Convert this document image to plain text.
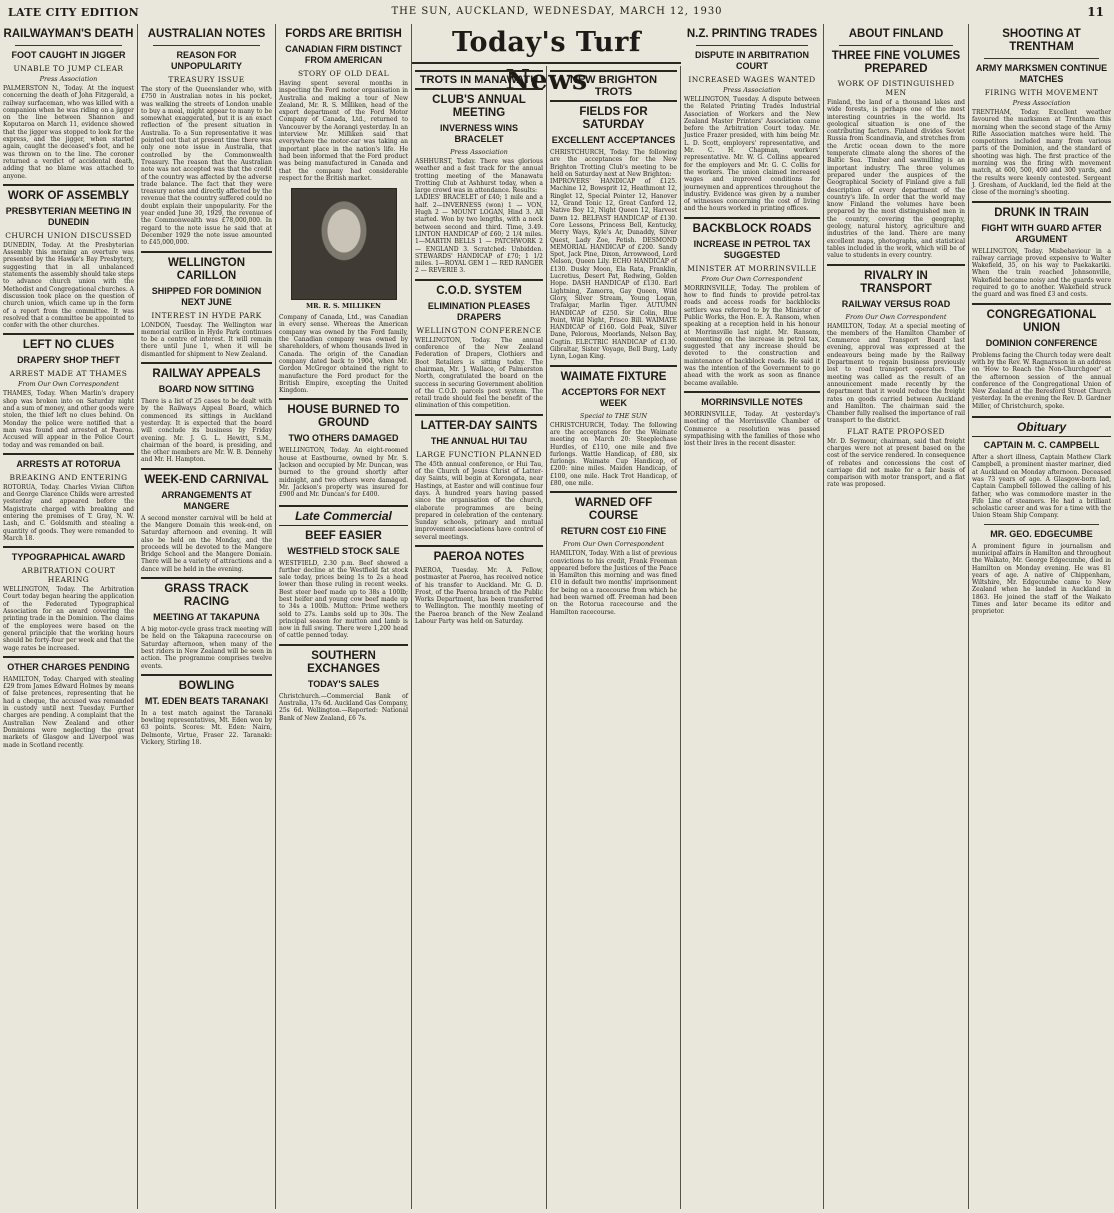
LATE CITY EDITION	THE SUN, AUCKLAND, WEDNESDAY, MARCH 12, 1930	11
RAILWAYMAN'S DEATH
FOOT CAUGHT IN JIGGER
UNABLE TO JUMP CLEAR
Press Association

PALMERSTON N., Today. At the inquest concerning the death of John Fitzgerald, a railway surfaceman, who was killed with a companion when he was riding on a jigger on the line between Shannon and Koputaroa on March 11, evidence showed that the jigger was stopped to look for the express, and the jigger, when started again, caught the deceased's foot, and he was thrown on to the line. The coroner returned a verdict of accidental death, adding that no blame was attached to anyone.

WORK OF ASSEMBLY
PRESBYTERIAN MEETING IN DUNEDIN
CHURCH UNION DISCUSSED

DUNEDIN, Today. At the Presbyterian Assembly this morning an overture was presented by the Hawke's Bay Presbytery, suggesting that in all unbalanced statements the assembly should take steps to advance church union with the Methodist and Congregational churches. A discussion took place on the question of church union, which came up in the form of a report from the committee. It was resolved that a committee be appointed to confer with the other churches.

LEFT NO CLUES
DRAPERY SHOP THEFT
ARREST MADE AT THAMES
From Our Own Correspondent

THAMES, Today. When Marlin's drapery shop was broken into on Saturday night and a sum of money, and other goods were stolen, the thief left no clues behind. On Monday the police were notified that a man was found and arrested at Paeroa. Accused will appear in the Police Court today and was remanded on bail.

ARRESTS AT ROTORUA
BREAKING AND ENTERING

ROTORUA, Today. Charles Vivian Clifton and George Clarence Childs were arrested yesterday and appeared before the Magistrate charged with breaking and entering the premises of T. Gray, N. W. Lash, and C. Goldsmith and stealing a quantity of goods. They were remanded to March 18.

TYPOGRAPHICAL AWARD
ARBITRATION COURT HEARING

WELLINGTON, Today. The Arbitration Court today began hearing the application of the Federated Typographical Association for an award covering the printing trade in the Dominion. The claims of the employees were based on the general principle that the working hours should be forty-four per week and that the wage rates be increased.

OTHER CHARGES PENDING

HAMILTON, Today. Charged with stealing £29 from James Edward Holmes by means of false pretences, representing that he had a cheque, the accused was remanded in custody until next Tuesday. Further charges are pending. A complaint that the Australian New Zealand and other Dominions were neglecting the great markets of Glasgow and Liverpool was made in Scotland recently.

AUSTRALIAN NOTES
REASON FOR UNPOPULARITY
TREASURY ISSUE

The story of the Queenslander who, with £750 in Australian notes in his pocket, was walking the streets of London unable to buy a meal, might appear to many to be somewhat exaggerated, but it is an exact reflection of the present situation in Australia. To a Sun representative it was pointed out that at present time there was only one note issue in Australia, that controlled by the Commonwealth Treasury. The reason that the Australian note was not accepted was that the credit of the country was affected by the adverse trade balance. The fact that they were treasury notes and directly affected by the revenue that the country suffered could no doubt explain their unpopularity. For the year ended June 30, 1929, the revenue of the Commonwealth was £78,000,000. In regard to the note issue he said that at December 1929 the note issue amounted to £45,000,000.

WELLINGTON CARILLON
SHIPPED FOR DOMINION NEXT JUNE
INTEREST IN HYDE PARK

LONDON, Tuesday. The Wellington war memorial carillon in Hyde Park continues to be a centre of interest. It will remain there until June 1, when it will be dismantled for shipment to New Zealand.

RAILWAY APPEALS
BOARD NOW SITTING

There is a list of 25 cases to be dealt with by the Railways Appeal Board, which commenced its sittings in Auckland yesterday. It is expected that the board will conclude its business by Friday evening. Mr. J. G. L. Hewitt, S.M., chairman of the board, is presiding, and the other members are Mr. W. B. Dennehy and Mr. H. Hampton.

WEEK-END CARNIVAL
ARRANGEMENTS AT MANGERE

A second monster carnival will be held at the Mangere Domain this week-end, on Saturday afternoon and evening. It will also be held on the Monday, and the proceeds will be devoted to the Mangere Bridge School and the Mangere Domain. There will be a variety of attractions and a dance will be held in the evening.

GRASS TRACK RACING
MEETING AT TAKAPUNA

A big motor-cycle grass track meeting will be held on the Takapuna racecourse on Saturday afternoon, when many of the best riders in New Zealand will be seen in action. The programme comprises twelve events.

BOWLING
MT. EDEN BEATS TARANAKI

In a test match against the Taranaki bowling representatives, Mt. Eden won by 63 points. Scores: Mt. Eden: Nairn, Delmonte, Virtue, Fraser 22. Taranaki: Vickery, Stirling 18.

FORDS ARE BRITISH
CANADIAN FIRM DISTINCT FROM AMERICAN
STORY OF OLD DEAL

Having spent several months in inspecting the Ford motor organisation in Australia and making a tour of New Zealand, Mr. R. S. Milliken, head of the export department of the Ford Motor Company of Canada, Ltd., returned to Vancouver by the Aorangi yesterday. In an interview Mr. Milliken said that everywhere the motor-car was taking an important place in the nation's life. He had been informed that the Ford product was being manufactured in Canada and that the company had considerable respect for the British market.

MR. R. S. MILLIKEN

Company of Canada, Ltd., was Canadian in every sense. Whereas the American company was owned by the Ford family, the Canadian company was owned by shareholders, of whom thousands lived in Canada. The origin of the Canadian company dated back to 1904, when Mr. Gordon McGregor obtained the right to manufacture the Ford product for the British Empire, excepting the United Kingdom.

HOUSE BURNED TO GROUND
TWO OTHERS DAMAGED

WELLINGTON, Today. An eight-roomed house at Eastbourne, owned by Mr. S. Jackson and occupied by Mr. Duncan, was burned to the ground shortly after midnight, and two others were damaged. Mr. Jackson's property was insured for £900 and Mr. Duncan's for £400.

Late Commercial
BEEF EASIER
WESTFIELD STOCK SALE

WESTFIELD, 2.30 p.m. Beef showed a further decline at the Westfield fat stock sale today, prices being 1s to 2s a head lower than those ruling in recent weeks. Best steer beef made up to 38s a 100lb; best heifer and young cow beef made up to 34s a 100lb. Mutton: Prime wethers sold to 27s. Lambs sold up to 30s. The principal season for mutton and lamb is now in full swing. There were 1,200 head of cattle penned today.

SOUTHERN EXCHANGES
TODAY'S SALES

Christchurch.—Commercial Bank of Australia, 17s 6d. Auckland Gas Company, 25s 6d. Wellington.—Reported: National Bank of New Zealand, £6 7s.

Today's Turf News
TROTS IN MANAWATU
CLUB'S ANNUAL MEETING
INVERNESS WINS BRACELET
Press Association

ASHHURST, Today. There was glorious weather and a fast track for the annual trotting meeting of the Manawatu Trotting Club at Ashhurst today, when a large crowd was in attendance. Results:

LADIES' BRACELET of £40; 1 mile and a half. 2—INVERNESS (won) 1 — VON, Hugh 2 — MOUNT LOGAN, Hind 3. All started. Won by two lengths, with a neck between second and third. Time, 3.49. LINTON HANDICAP of £60; 2 1/4 miles. 1—MARTIN BELLS 1 — PATCHWORK 2 — ENGLAND 3. Scratched: Unbidden. STEWARDS' HANDICAP of £70; 1 1/2 miles. 1—ROYAL GEM 1 — RED RANGER 2 — REVERIE 3.

C.O.D. SYSTEM
ELIMINATION PLEASES DRAPERS
WELLINGTON CONFERENCE

WELLINGTON, Today. The annual conference of the New Zealand Federation of Drapers, Clothiers and Boot Retailers is sitting today. The chairman, Mr. J. Wallace, of Palmerston North, congratulated the board on the success in securing Government abolition of the C.O.D. parcels post system. The retail trade should feel the benefit of the elimination of this competition.

LATTER-DAY SAINTS
THE ANNUAL HUI TAU
LARGE FUNCTION PLANNED

The 45th annual conference, or Hui Tau, of the Church of Jesus Christ of Latter-day Saints, will begin at Korongata, near Hastings, at Easter and will continue four days. A hundred years having passed since the organisation of the church, elaborate programmes are being prepared in celebration of the centenary. Sunday schools, primary and mutual improvement associations have control of several meetings.

PAEROA NOTES

PAEROA, Tuesday. Mr. A. Fellow, postmaster at Paeroa, has received notice of his transfer to Auckland. Mr. G. D. Frost, of the Paeroa branch of the Public Works Department, has been transferred to Wellington. The monthly meeting of the Paeroa branch of the New Zealand Labour Party was held on Saturday.

NEW BRIGHTON TROTS
FIELDS FOR SATURDAY
EXCELLENT ACCEPTANCES

CHRISTCHURCH, Today. The following are the acceptances for the New Brighton Trotting Club's meeting to be held on Saturday next at New Brighton:

IMPROVERS' HANDICAP of £125. Machine 12, Bowsprit 12, Heathmont 12, Ringlet 12, Special Pointer 12, Hanover 12, Grand Tonic 12, Great Canford 12, Native Boy 12, Night Queen 12, Harvest Dawn 12. BELFAST HANDICAP of £130. Core Lessons, Princess Bell, Kentucky, Merry Ways, Kyle's Ar, Dunaddy, Silver Quest, Lady Zoe, Fetish. DESMOND MEMORIAL HANDICAP of £200. Sandy Spot, Jack Pine, Dixon, Arrowwood, Lord Nelson, Queen Lily. ECHO HANDICAP of £130. Dusky Moon, Ela Rata, Franklin, Lucretius, Desert Pat, Redwing, Golden Hope. DASH HANDICAP of £130. Earl Lightning, Zamorra, Gay Queen, Wild Glory, Silver Stream, Young Logan, Trafalgar, Marlin Tiger. AUTUMN HANDICAP of £250. Sir Colin, Blue Point, Wild Night, Frisco Bill. WAIMATE HANDICAP of £160. Gold Peak, Silver Dane, Pelorous, Moorlands, Nelson Bay, Cogtin. ELECTRIC HANDICAP of £130. Gibraltar, Sister Voyage, Bell Burg, Lady Lynn, Logan King.

WAIMATE FIXTURE
ACCEPTORS FOR NEXT WEEK
Special to THE SUN

CHRISTCHURCH, Today. The following are the acceptances for the Waimate meeting on March 20: Steeplechase Hurdles, of £110, one mile and five furlongs. Wattle Handicap, of £80, six furlongs. Waimate Cup Handicap, of £200: nine miles. Maiden Handicap, of £100, one mile. Hack Trot Handicap, of £80, one mile.

WARNED OFF COURSE
RETURN COST £10 FINE
From Our Own Correspondent

HAMILTON, Today. With a list of previous convictions to his credit, Frank Freeman appeared before the Justices of the Peace in Hamilton this morning and was fined £10 in default two months' imprisonment for being on a racecourse from which he had been warned off. Freeman had been on the Rotorua racecourse and the Hamilton racecourse.

N.Z. PRINTING TRADES
DISPUTE IN ARBITRATION COURT
INCREASED WAGES WANTED
Press Association

WELLINGTON, Tuesday. A dispute between the Related Printing Trades Industrial Association of Workers and the New Zealand Master Printers' Association came before the Arbitration Court today. Mr. Justice Frazer presided, with him being Mr. L. D. Scott, employers' representative, and Mr. C. H. Chapman, workers' representative. Mr. W. G. Collins appeared for the employers and Mr. G. C. Collis for the workers. The union claimed increased wages and improved conditions for journeymen and apprentices throughout the industry. Evidence was given by a number of witnesses concerning the cost of living and the hours worked in printing offices.

BACKBLOCK ROADS
INCREASE IN PETROL TAX SUGGESTED
MINISTER AT MORRINSVILLE
From Our Own Correspondent

MORRINSVILLE, Today. The problem of how to find funds to provide petrol-tax roads and access roads for backblocks settlers was referred to by the Minister of Public Works, the Hon. E. A. Ransom, when speaking at a reception held in his honour at Morrinsville last night. Mr. Ransom, commenting on the increase in petrol tax, suggested that any increase should be devoted to the construction and maintenance of backblock roads. He said it was the intention of the Government to go ahead with the work as soon as finance became available.

MORRINSVILLE NOTES

MORRINSVILLE, Today. At yesterday's meeting of the Morrinsville Chamber of Commerce a resolution was passed sympathising with the families of those who lost their lives in the recent disaster.

ABOUT FINLAND
THREE FINE VOLUMES PREPARED
WORK OF DISTINGUISHED MEN

Finland, the land of a thousand lakes and wide forests, is perhaps one of the most interesting countries in the world. Its geological situation is one of the contributing factors. Finland divides Soviet Russia from Scandinavia, and stretches from the Arctic ocean down to the more temperate climate along the shores of the Baltic Sea. Timber and sawmilling is an important industry. The three volumes prepared under the auspices of the Geographical Society of Finland give a full description of every department of the country's life. In order that the world may know Finland the volumes have been prepared by the most distinguished men in the country, covering the geography, geology, natural history, agriculture and industries of the land. There are many excellent maps, photographs, and statistical tables included in the work, which will be of value to students in every country.

RIVALRY IN TRANSPORT
RAILWAY VERSUS ROAD
From Our Own Correspondent

HAMILTON, Today. At a special meeting of the members of the Hamilton Chamber of Commerce and Transport Board last evening, approval was expressed at the endeavours being made by the Railway Department to regain business previously lost to road transport operators. The meeting was called as the result of an announcement made recently by the department that it would reduce the freight rates on goods carried between Auckland and Hamilton. The chairman said the Chamber fully realised the importance of rail transport to the district.

FLAT RATE PROPOSED

Mr. D. Seymour, chairman, said that freight charges were not at present based on the cost of the service rendered. In consequence of rebates and concessions the cost of carriage did not make for a fair basis of comparison with motor transport, and a flat rate was proposed.

SHOOTING AT TRENTHAM
ARMY MARKSMEN CONTINUE MATCHES
FIRING WITH MOVEMENT
Press Association

TRENTHAM, Today. Excellent weather favoured the marksmen at Trentham this morning when the second stage of the Army Rifle Association matches were held. The competitors included many from various parts of the Dominion, and the standard of shooting was high. The first practice of the morning was the firing with movement match, at 600, 500, 400 and 300 yards, and the results were keenly contested. Sergeant J. Gresham, of Auckland, led the field at the close of the morning's shooting.

DRUNK IN TRAIN
FIGHT WITH GUARD AFTER ARGUMENT

WELLINGTON, Today. Misbehaviour in a railway carriage proved expensive to Walter Wakefield, 35, on his way to Paekakariki. When the train reached Johnsonville, Wakefield became noisy and the guards were required to go to another. Wakefield struck the guard and was fined £3 and costs.

CONGREGATIONAL UNION
DOMINION CONFERENCE

Problems facing the Church today were dealt with by the Rev. W. Ragnarsson in an address on 'How to Reach the Non-Churchgoer' at the afternoon session of the annual conference of the Congregational Union of New Zealand at the Beresford Street Church yesterday. In the evening the Rev. D. Gardner Miller, of Christchurch, spoke.

Obituary
CAPTAIN M. C. CAMPBELL

After a short illness, Captain Mathew Clark Campbell, a prominent master mariner, died at Auckland on Monday afternoon. Deceased was 73 years of age. A Glasgow-born lad, Captain Campbell followed the calling of his father, who was commodore master in the Fife Line of steamers. He had a brilliant scholastic career and was for a time with the Union Steam Ship Company.

MR. GEO. EDGECUMBE

A prominent figure in journalism and municipal affairs in Hamilton and throughout the Waikato, Mr. George Edgecumbe, died in Hamilton on Monday evening. He was 81 years of age. A native of Chippenham, Wiltshire, Mr. Edgecumbe came to New Zealand when he landed in Auckland in 1863. He joined the staff of the Waikato Times and later became its editor and proprietor.
